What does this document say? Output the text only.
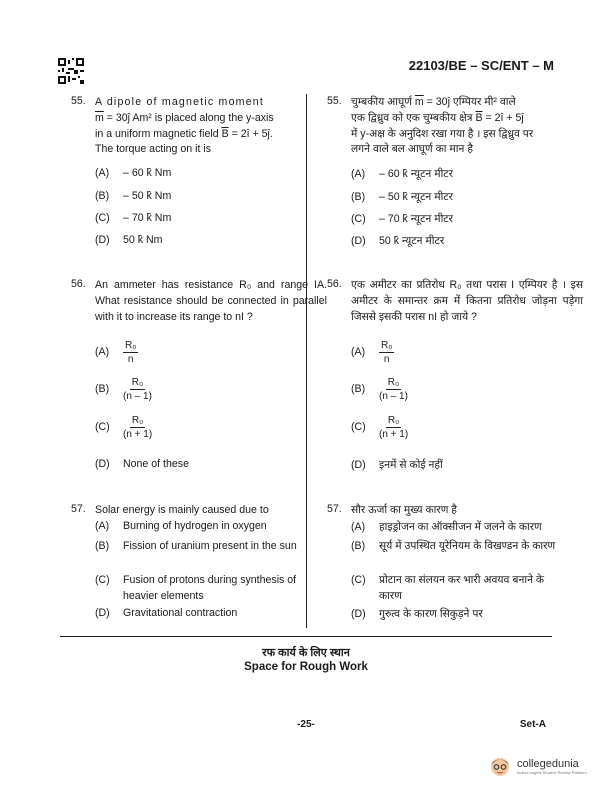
22103/BE – SC/ENT – M
55. A dipole of magnetic moment
$\overline{m}$ = 30ĵ Am² is placed along the y-axis
in a uniform magnetic field $\overline{B}$ = 2î + 5ĵ.
The torque acting on it is
(A) – 60 k̂ Nm
(B) – 50 k̂ Nm
(C) – 70 k̂ Nm
(D) 50 k̂ Nm
55. चुम्बकीय आघूर्ण $\overline{m}$ = 30ĵ एम्पियर मी² वाले
एक द्विध्रुव को एक चुम्बकीय क्षेत्र $\overline{B}$ = 2î + 5ĵ
में y-अक्ष के अनुदिश रखा गया है । इस द्विध्रुव पर
लगने वाले बल आघूर्ण का मान है
(A) – 60 k̂ न्यूटन मीटर
(B) – 50 k̂ न्यूटन मीटर
(C) – 70 k̂ न्यूटन मीटर
(D) 50 k̂ न्यूटन मीटर
56. An ammeter has resistance R₀ and range IA. What resistance should be connected in parallel with it to increase its range to nI ?
$(A) \frac{\text{R₀}}{n}$
$(B) \frac{\text{R₀}}{(n - 1)}$
$(C) \frac{\text{R₀}}{(n + 1)}$
(D) None of these
56. एक अमीटर का प्रतिरोध R₀ तथा परास I एम्पियर है । इस अमीटर के समान्तर क्रम में कितना प्रतिरोध जोड़ना पड़ेगा जिससे इसकी परास nI हो जाये ?
$(A) \frac{\text{R₀}}{n}$
$(B) \frac{\text{R₀}}{(n - 1)}$
$(C) \frac{\text{R₀}}{(n + 1)}$
(D) इनमें से कोई नहीं
57. Solar energy is mainly caused due to
(A) Burning of hydrogen in oxygen
(B)	Fission of uranium present in the sun
(C)	Fusion of protons during synthesis of heavier elements
(D) Gravitational contraction
57. सौर ऊर्जा का मुख्य कारण है
(A) हाइड्रोजन का ऑक्सीजन में जलने के कारण
(B)	सूर्य में उपस्थित यूरेनियम के विखण्डन के कारण
(C)	प्रोटान का संलयन कर भारी अवयव बनाने के कारण
(D) गुरुत्व के कारण सिकुड़ने पर
रफ कार्य के लिए स्थान
Space for Rough Work
-25-	Set-A
collegedunia
India's largest Student Review Platform
